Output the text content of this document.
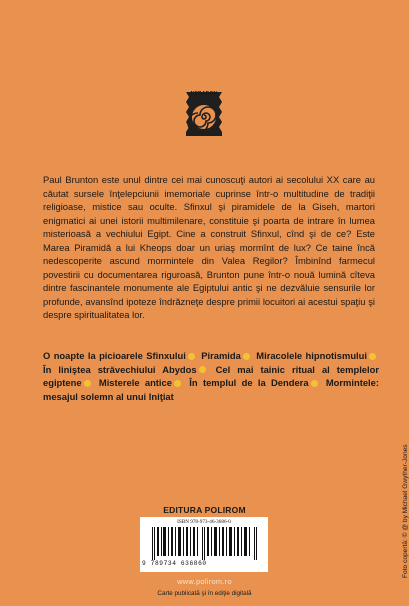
NEBADON

Paul Brunton este unul dintre cei mai cunoscuţi autori ai secolului XX care au căutat sursele înţelepciunii imemoriale cuprinse într-o multitudine de tradiţii religioase, mistice sau oculte. Sfinxul şi piramidele de la Giseh, martori enigmatici ai unei istorii multimilenare, constituie şi poarta de intrare în lumea misterioasă a vechiului Egipt. Cine a construit Sfinxul, cînd şi de ce? Este Marea Piramidă a lui Kheops doar un uriaş mormînt de lux? Ce taine încă nedescoperite ascund mormintele din Valea Regilor? Îmbinînd farmecul povestirii cu documentarea riguroasă, Brunton pune într-o nouă lumină cîteva dintre fascinantele monumente ale Egiptului antic şi ne dezvăluie sensurile lor profunde, avansînd ipoteze îndrăzneţe despre primii locuitori ai acestui spaţiu şi despre spiritualitatea lor.

O noapte la picioarele Sfinxului Piramida Miracolele hipnotismului În liniştea străvechiului Abydos Cel mai tainic ritual al templelor egiptene Misterele antice În templul de la Dendera Mormintele: mesajul solemn al unui Iniţiat

Foto copertă: © @ by Michael Gwyther-Jones
EDITURA POLIROM
ISBN 978-973-46-3686-0
9 789734 636860
www.polirom.ro
Carte publicată şi în ediţie digitală
